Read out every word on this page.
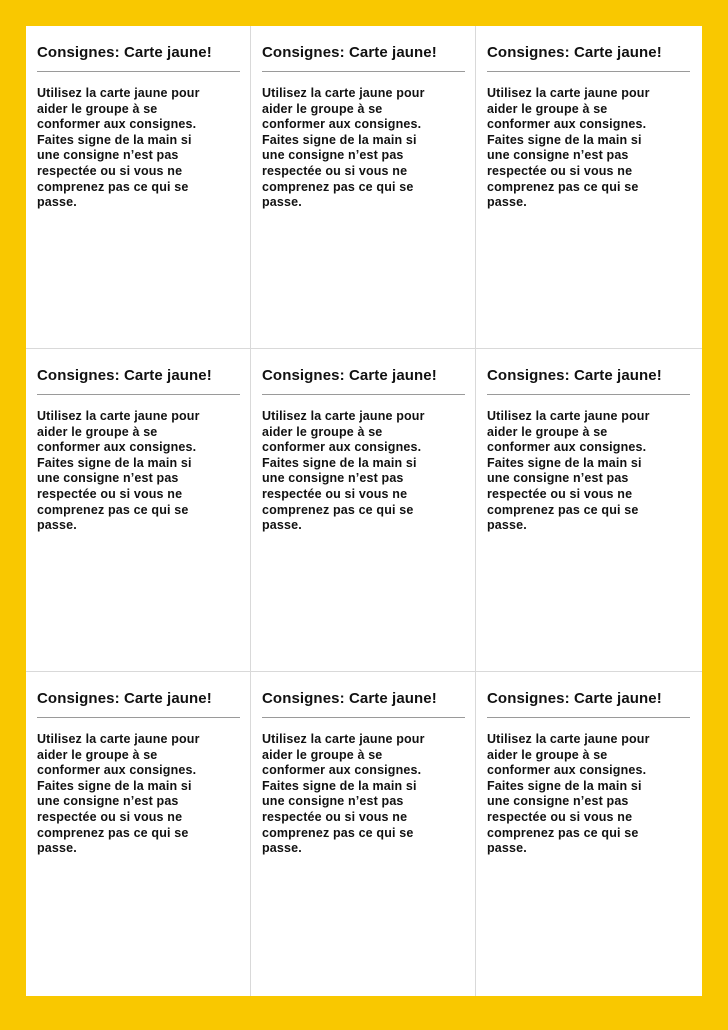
Consignes: Carte jaune!
Utilisez la carte jaune pour
aider le groupe à se
conformer aux consignes.
Faites signe de la main si
une consigne n’est pas
respectée ou si vous ne
comprenez pas ce qui se
passe.
Consignes: Carte jaune!
Utilisez la carte jaune pour
aider le groupe à se
conformer aux consignes.
Faites signe de la main si
une consigne n’est pas
respectée ou si vous ne
comprenez pas ce qui se
passe.
Consignes: Carte jaune!
Utilisez la carte jaune pour
aider le groupe à se
conformer aux consignes.
Faites signe de la main si
une consigne n’est pas
respectée ou si vous ne
comprenez pas ce qui se
passe.
Consignes: Carte jaune!
Utilisez la carte jaune pour
aider le groupe à se
conformer aux consignes.
Faites signe de la main si
une consigne n’est pas
respectée ou si vous ne
comprenez pas ce qui se
passe.
Consignes: Carte jaune!
Utilisez la carte jaune pour
aider le groupe à se
conformer aux consignes.
Faites signe de la main si
une consigne n’est pas
respectée ou si vous ne
comprenez pas ce qui se
passe.
Consignes: Carte jaune!
Utilisez la carte jaune pour
aider le groupe à se
conformer aux consignes.
Faites signe de la main si
une consigne n’est pas
respectée ou si vous ne
comprenez pas ce qui se
passe.
Consignes: Carte jaune!
Utilisez la carte jaune pour
aider le groupe à se
conformer aux consignes.
Faites signe de la main si
une consigne n’est pas
respectée ou si vous ne
comprenez pas ce qui se
passe.
Consignes: Carte jaune!
Utilisez la carte jaune pour
aider le groupe à se
conformer aux consignes.
Faites signe de la main si
une consigne n’est pas
respectée ou si vous ne
comprenez pas ce qui se
passe.
Consignes: Carte jaune!
Utilisez la carte jaune pour
aider le groupe à se
conformer aux consignes.
Faites signe de la main si
une consigne n’est pas
respectée ou si vous ne
comprenez pas ce qui se
passe.
